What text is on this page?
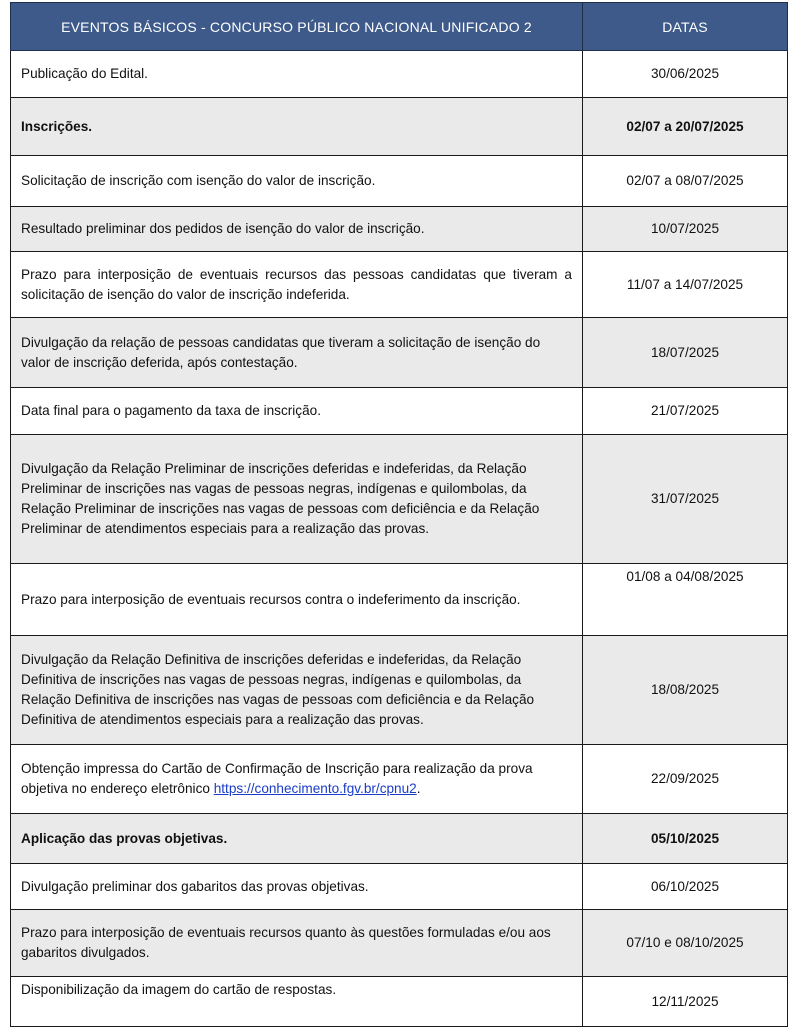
EVENTOS BÁSICOS - CONCURSO PÚBLICO NACIONAL UNIFICADO 2	DATAS
Publicação do Edital.	30/06/2025
Inscrições.	02/07 a 20/07/2025
Solicitação de inscrição com isenção do valor de inscrição.	02/07 a 08/07/2025
Resultado preliminar dos pedidos de isenção do valor de inscrição.	10/07/2025
Prazo para interposição de eventuais recursos das pessoas candidatas que tiveram a solicitação de isenção do valor de inscrição indeferida.	11/07 a 14/07/2025
Divulgação da relação de pessoas candidatas que tiveram a solicitação de isenção do valor de inscrição deferida, após contestação.	18/07/2025
Data final para o pagamento da taxa de inscrição.	21/07/2025
Divulgação da Relação Preliminar de inscrições deferidas e indeferidas, da Relação Preliminar de inscrições nas vagas de pessoas negras, indígenas e quilombolas, da Relação Preliminar de inscrições nas vagas de pessoas com deficiência e da Relação Preliminar de atendimentos especiais para a realização das provas.	31/07/2025
Prazo para interposição de eventuais recursos contra o indeferimento da inscrição.	01/08 a 04/08/2025
Divulgação da Relação Definitiva de inscrições deferidas e indeferidas, da Relação Definitiva de inscrições nas vagas de pessoas negras, indígenas e quilombolas, da Relação Definitiva de inscrições nas vagas de pessoas com deficiência e da Relação Definitiva de atendimentos especiais para a realização das provas.	18/08/2025
Obtenção impressa do Cartão de Confirmação de Inscrição para realização da prova objetiva no endereço eletrônico https://conhecimento.fgv.br/cpnu2.	22/09/2025
Aplicação das provas objetivas.	05/10/2025
Divulgação preliminar dos gabaritos das provas objetivas.	06/10/2025
Prazo para interposição de eventuais recursos quanto às questões formuladas e/ou aos gabaritos divulgados.	07/10 e 08/10/2025
Disponibilização da imagem do cartão de respostas.	12/11/2025
